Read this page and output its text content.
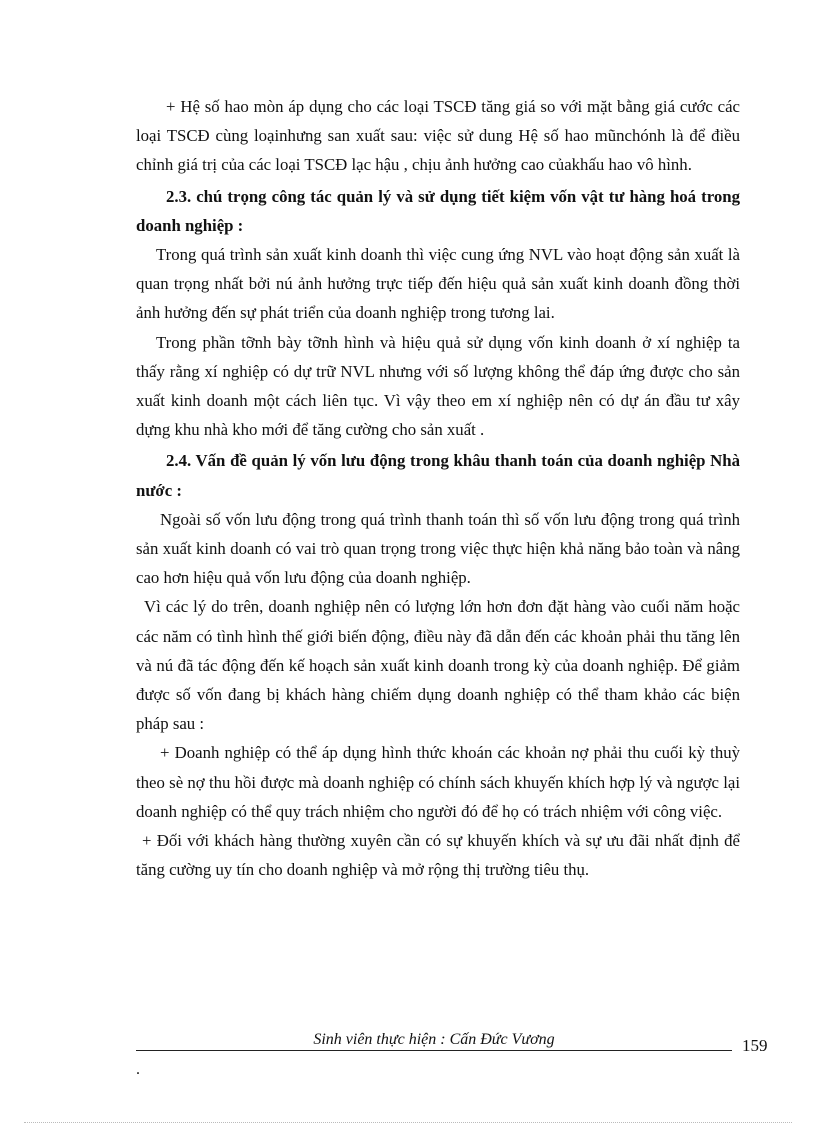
+ Hệ số hao mòn áp dụng cho các loại TSCĐ tăng giá so với mặt bằng giá cước các loại TSCĐ cùng loạinhưng san xuất sau: việc sử dung Hệ số hao mũnchónh là để điều chỉnh giá trị của các loại TSCĐ lạc hậu , chịu ảnh hưởng cao củakhấu hao vô hình.

2.3. chú trọng công tác quản lý và sử dụng tiết kiệm vốn vật tư hàng hoá trong doanh nghiệp :

Trong quá trình sản xuất kinh doanh thì việc cung ứng NVL vào hoạt động sản xuất là quan trọng nhất bởi nú ảnh hưởng trực tiếp đến hiệu quả sản xuất kinh doanh đồng thời ảnh hưởng đến sự phát triển của doanh nghiệp trong tương lai.

Trong phần tỡnh bày tỡnh hình và hiệu quả sử dụng vốn kinh doanh ở xí nghiệp ta thấy rằng xí nghiệp có dự trữ NVL nhưng với số lượng không thể đáp ứng được cho sản xuất kinh doanh một cách liên tục. Vì vậy theo em xí nghiệp nên có dự án đầu tư xây dựng khu nhà kho mới để tăng cường cho sản xuất .

2.4. Vấn đề quản lý vốn lưu động trong khâu thanh toán của doanh nghiệp Nhà nước :

Ngoài số vốn lưu động trong quá trình thanh toán thì số vốn lưu động trong quá trình sản xuất kinh doanh có vai trò quan trọng trong việc thực hiện khả năng bảo toàn và nâng cao hơn hiệu quả vốn lưu động của doanh nghiệp.

Vì các lý do trên, doanh nghiệp nên có lượng lớn hơn đơn đặt hàng vào cuối năm hoặc các năm có tình hình thế giới biến động, điều này đã dẫn đến các khoản phải thu tăng lên và nú đã tác động đến kế hoạch sản xuất kinh doanh trong kỳ của doanh nghiệp. Để giảm được số vốn đang bị khách hàng chiếm dụng doanh nghiệp có thể tham khảo các biện pháp sau :

+ Doanh nghiệp có thể áp dụng hình thức khoán các khoản nợ phải thu cuối kỳ thuỳ theo sè nợ thu hồi được mà doanh nghiệp có chính sách khuyến khích hợp lý và ngược lại doanh nghiệp có thể quy trách nhiệm cho người đó để họ có trách nhiệm với công việc.

+ Đối với khách hàng thường xuyên cần có sự khuyến khích và sự ưu đãi nhất định để tăng cường uy tín cho doanh nghiệp và mở rộng thị trường tiêu thụ.

Sinh viên thực hiện : Cấn Đức Vương	159
.
